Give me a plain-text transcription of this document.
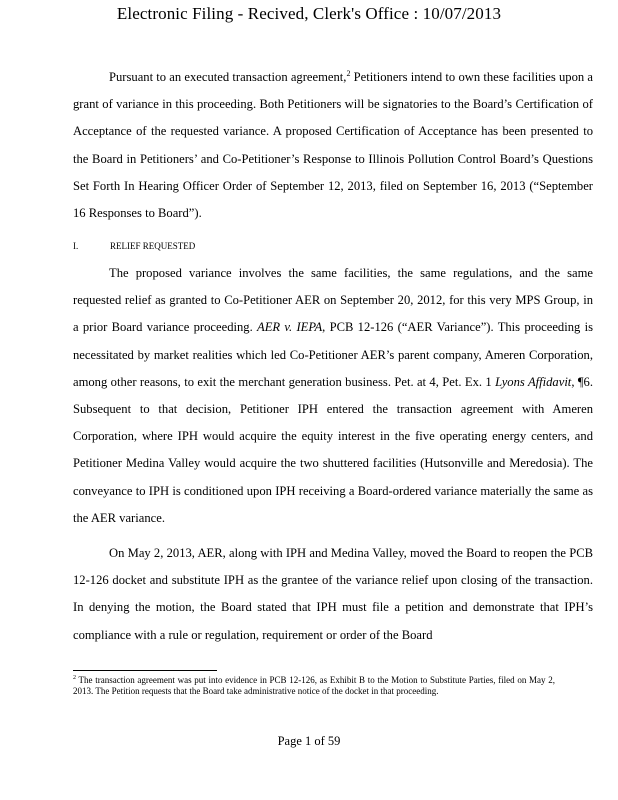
Electronic Filing - Recived, Clerk's Office : 10/07/2013

Pursuant to an executed transaction agreement,$^2$ Petitioners intend to own these facilities upon a grant of variance in this proceeding. Both Petitioners will be signatories to the Board’s Certification of Acceptance of the requested variance. A proposed Certification of Acceptance has been presented to the Board in Petitioners’ and Co-Petitioner’s Response to Illinois Pollution Control Board’s Questions Set Forth In Hearing Officer Order of September 12, 2013, filed on September 16, 2013 (“September 16 Responses to Board”).

I.	RELIEF REQUESTED

The proposed variance involves the same facilities, the same regulations, and the same requested relief as granted to Co-Petitioner AER on September 20, 2012, for this very MPS Group, in a prior Board variance proceeding. AER v. IEPA, PCB 12-126 (“AER Variance”). This proceeding is necessitated by market realities which led Co-Petitioner AER’s parent company, Ameren Corporation, among other reasons, to exit the merchant generation business. Pet. at 4, Pet. Ex. 1 Lyons Affidavit, ¶6. Subsequent to that decision, Petitioner IPH entered the transaction agreement with Ameren Corporation, where IPH would acquire the equity interest in the five operating energy centers, and Petitioner Medina Valley would acquire the two shuttered facilities (Hutsonville and Meredosia). The conveyance to IPH is conditioned upon IPH receiving a Board-ordered variance materially the same as the AER variance.

On May 2, 2013, AER, along with IPH and Medina Valley, moved the Board to reopen the PCB 12-126 docket and substitute IPH as the grantee of the variance relief upon closing of the transaction. In denying the motion, the Board stated that IPH must file a petition and demonstrate that IPH’s compliance with a rule or regulation, requirement or order of the Board

$^2$ The transaction agreement was put into evidence in PCB 12-126, as Exhibit B to the Motion to Substitute Parties, filed on May 2, 2013. The Petition requests that the Board take administrative notice of the docket in that proceeding.
Page 1 of 59
